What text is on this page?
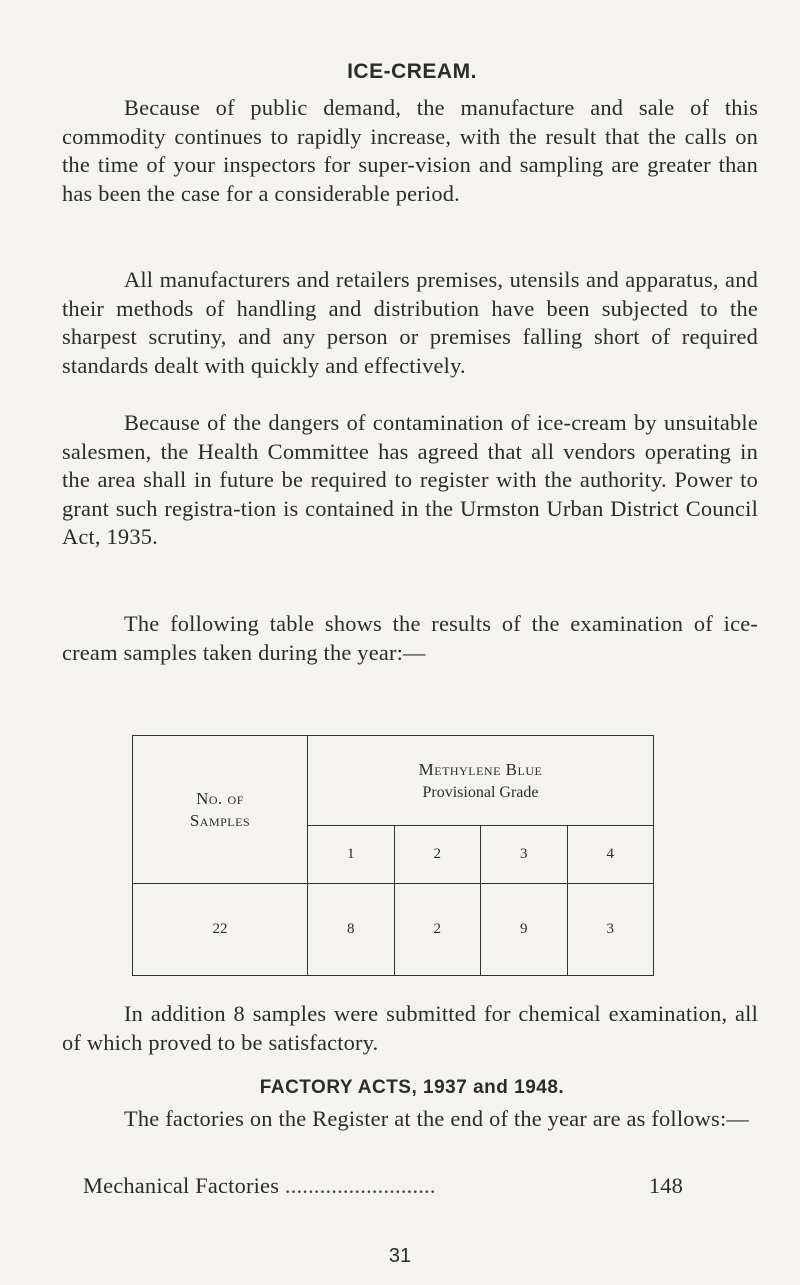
ICE-CREAM.

Because of public demand, the manufacture and sale of this commodity continues to rapidly increase, with the result that the calls on the time of your inspectors for super-vision and sampling are greater than has been the case for a considerable period.

All manufacturers and retailers premises, utensils and apparatus, and their methods of handling and distribution have been subjected to the sharpest scrutiny, and any person or premises falling short of required standards dealt with quickly and effectively.

Because of the dangers of contamination of ice-cream by unsuitable salesmen, the Health Committee has agreed that all vendors operating in the area shall in future be required to register with the authority. Power to grant such registra-tion is contained in the Urmston Urban District Council Act, 1935.

The following table shows the results of the examination of ice-cream samples taken during the year:—

No. of Samples	Methylene Blue
Provisional Grade			

	1	2	3	4
22	8	2	9	3

In addition 8 samples were submitted for chemical examination, all of which proved to be satisfactory.

FACTORY ACTS, 1937 and 1948.

The factories on the Register at the end of the year are as follows:—

Mechanical Factories ..........................	148
31
